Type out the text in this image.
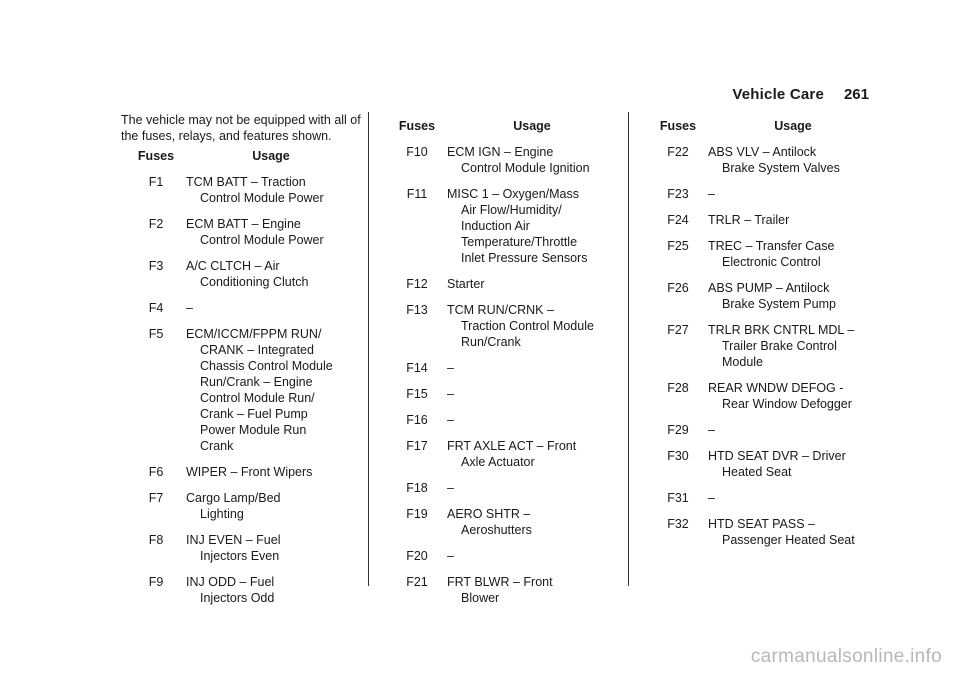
Vehicle Care 261
The vehicle may not be equipped with all of the fuses, relays, and features shown.
Fuses	Usage
F1	TCM BATT – Traction
Control Module Power
F2	ECM BATT – Engine
Control Module Power
F3	A/C CLTCH – Air
Conditioning Clutch
F4	–
F5	ECM/ICCM/FPPM RUN/
CRANK – Integrated
Chassis Control Module
Run/Crank – Engine
Control Module Run/
Crank – Fuel Pump
Power Module Run
Crank
F6	WIPER – Front Wipers
F7	Cargo Lamp/Bed
Lighting
F8	INJ EVEN – Fuel
Injectors Even
F9	INJ ODD – Fuel
Injectors Odd
Fuses	Usage
F10	ECM IGN – Engine
Control Module Ignition
F11	MISC 1 – Oxygen/Mass
Air Flow/Humidity/
Induction Air
Temperature/Throttle
Inlet Pressure Sensors
F12	Starter
F13	TCM RUN/CRNK –
Traction Control Module
Run/Crank
F14	–
F15	–
F16	–
F17	FRT AXLE ACT – Front
Axle Actuator
F18	–
F19	AERO SHTR –
Aeroshutters
F20	–
F21	FRT BLWR – Front
Blower
Fuses	Usage
F22	ABS VLV – Antilock
Brake System Valves
F23	–
F24	TRLR – Trailer
F25	TREC – Transfer Case
Electronic Control
F26	ABS PUMP – Antilock
Brake System Pump
F27	TRLR BRK CNTRL MDL –
Trailer Brake Control
Module
F28	REAR WNDW DEFOG -
Rear Window Defogger
F29	–
F30	HTD SEAT DVR – Driver
Heated Seat
F31	–
F32	HTD SEAT PASS –
Passenger Heated Seat
carmanualsonline.info
